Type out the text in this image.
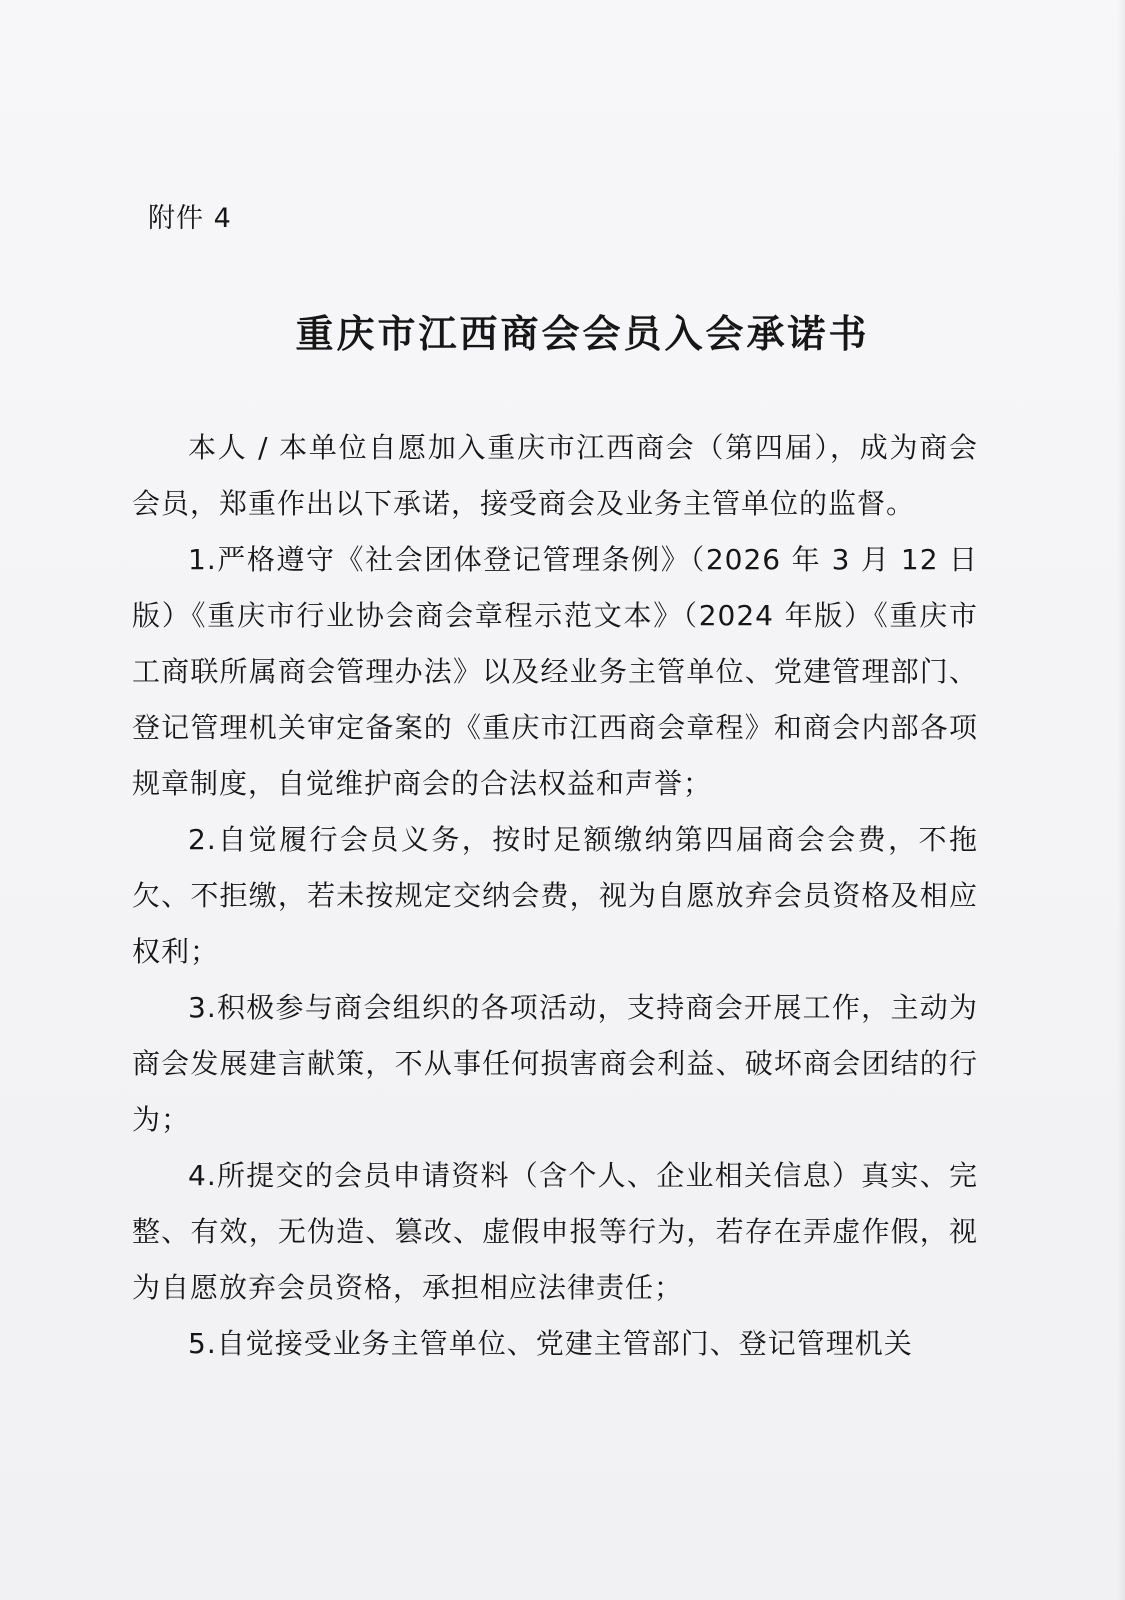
附件 4
重庆市江西商会会员入会承诺书

本人 / 本单位自愿加入重庆市江西商会（第四届），成为商会会员，郑重作出以下承诺，接受商会及业务主管单位的监督。

1.严格遵守《社会团体登记管理条例》（2026 年 3 月 12 日版）《重庆市行业协会商会章程示范文本》（2024 年版）《重庆市工商联所属商会管理办法》以及经业务主管单位、党建管理部门、登记管理机关审定备案的《重庆市江西商会章程》和商会内部各项规章制度，自觉维护商会的合法权益和声誉；

2.自觉履行会员义务，按时足额缴纳第四届商会会费，不拖欠、不拒缴，若未按规定交纳会费，视为自愿放弃会员资格及相应权利；

3.积极参与商会组织的各项活动，支持商会开展工作，主动为商会发展建言献策，不从事任何损害商会利益、破坏商会团结的行为；

4.所提交的会员申请资料（含个人、企业相关信息）真实、完整、有效，无伪造、篡改、虚假申报等行为，若存在弄虚作假，视为自愿放弃会员资格，承担相应法律责任；

5.自觉接受业务主管单位、党建主管部门、登记管理机关
